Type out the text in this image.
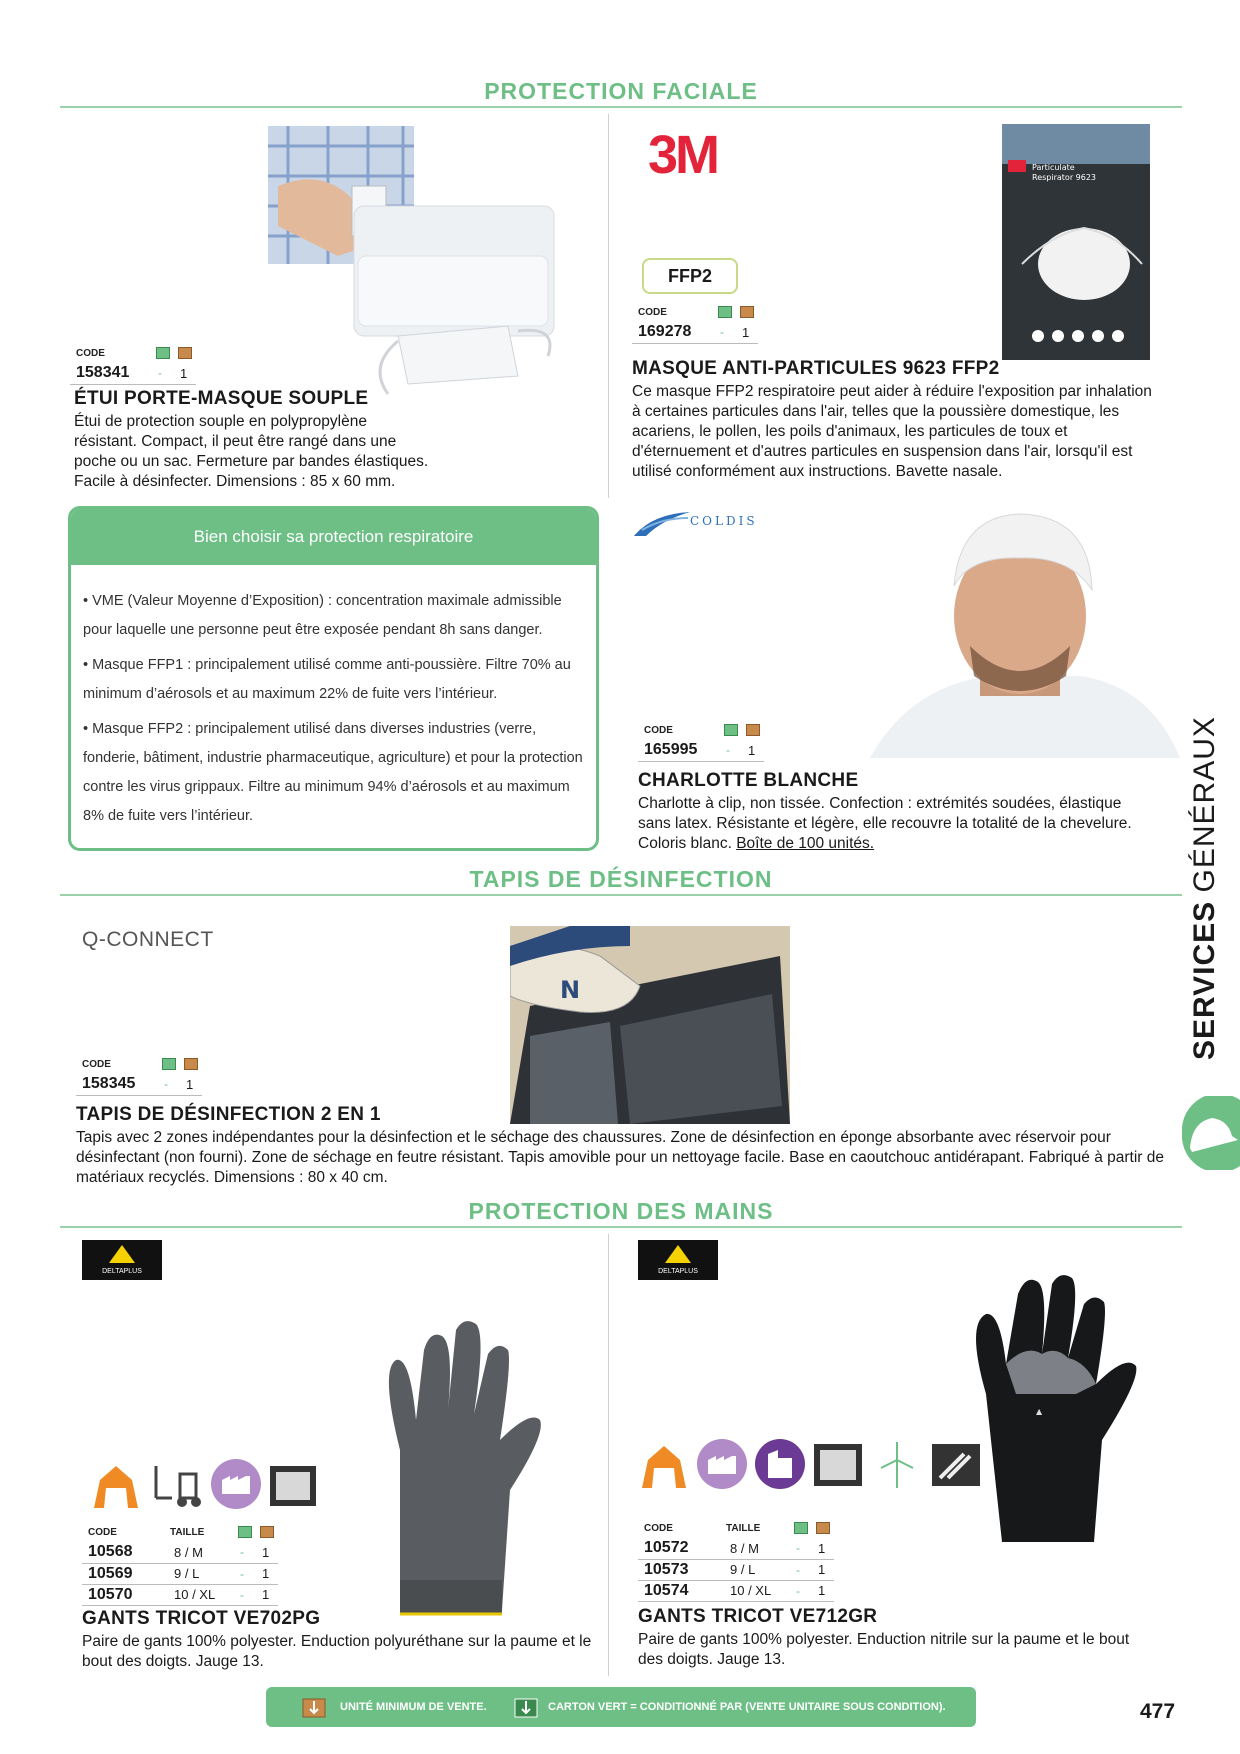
PROTECTION FACIALE
CODE		
158341	-	1
ÉTUI PORTE-MASQUE SOUPLE
Étui de protection souple en polypropylène résistant. Compact, il peut être rangé dans une poche ou un sac. Fermeture par bandes élastiques. Facile à désinfecter. Dimensions : 85 x 60 mm.
3M
FFP2
Particulate
Respirator 9623
CODE		
169278	-	1
MASQUE ANTI-PARTICULES 9623 FFP2
Ce masque FFP2 respiratoire peut aider à réduire l'exposition par inhalation à certaines particules dans l'air, telles que la poussière domestique, les acariens, le pollen, les poils d'animaux, les particules de toux et d'éternuement et d'autres particules en suspension dans l'air, lorsqu'il est utilisé conformément aux instructions. Bavette nasale.
Bien choisir sa protection respiratoire
• VME (Valeur Moyenne d’Exposition) : concentration maximale admissible pour laquelle une personne peut être exposée pendant 8h sans danger.
• Masque FFP1 : principalement utilisé comme anti-poussière. Filtre 70% au minimum d’aérosols et au maximum 22% de fuite vers l’intérieur.
• Masque FFP2 : principalement utilisé dans diverses industries (verre, fonderie, bâtiment, industrie pharmaceutique, agriculture) et pour la protection contre les virus grippaux. Filtre au minimum 94% d’aérosols et au maximum 8% de fuite vers l’intérieur.
COLDIS
CODE		
165995	-	1
CHARLOTTE BLANCHE
Charlotte à clip, non tissée. Confection : extrémités soudées, élastique sans latex. Résistante et légère, elle recouvre la totalité de la chevelure. Coloris blanc. Boîte de 100 unités.
TAPIS DE DÉSINFECTION
Q-CONNECT
N
CODE		
158345	-	1
TAPIS DE DÉSINFECTION 2 EN 1
Tapis avec 2 zones indépendantes pour la désinfection et le séchage des chaussures. Zone de désinfection en éponge absorbante avec réservoir pour désinfectant (non fourni). Zone de séchage en feutre résistant. Tapis amovible pour un nettoyage facile. Base en caoutchouc antidérapant. Fabriqué à partir de matériaux recyclés. Dimensions : 80 x 40 cm.
PROTECTION DES MAINS
DELTAPLUS
CODE	TAILLE		
10568	8 / M	-	1
10569	9 / L	-	1
10570	10 / XL	-	1
GANTS TRICOT VE702PG
Paire de gants 100% polyester. Enduction polyuréthane sur la paume et le bout des doigts. Jauge 13.
DELTAPLUS
▲
CODE	TAILLE		
10572	8 / M	-	1
10573	9 / L	-	1
10574	10 / XL	-	1
GANTS TRICOT VE712GR
Paire de gants 100% polyester. Enduction nitrile sur la paume et le bout des doigts. Jauge 13.
SERVICES GÉNÉRAUX
UNITÉ MINIMUM DE VENTE.	CARTON VERT = CONDITIONNÉ PAR (VENTE UNITAIRE SOUS CONDITION).	477
